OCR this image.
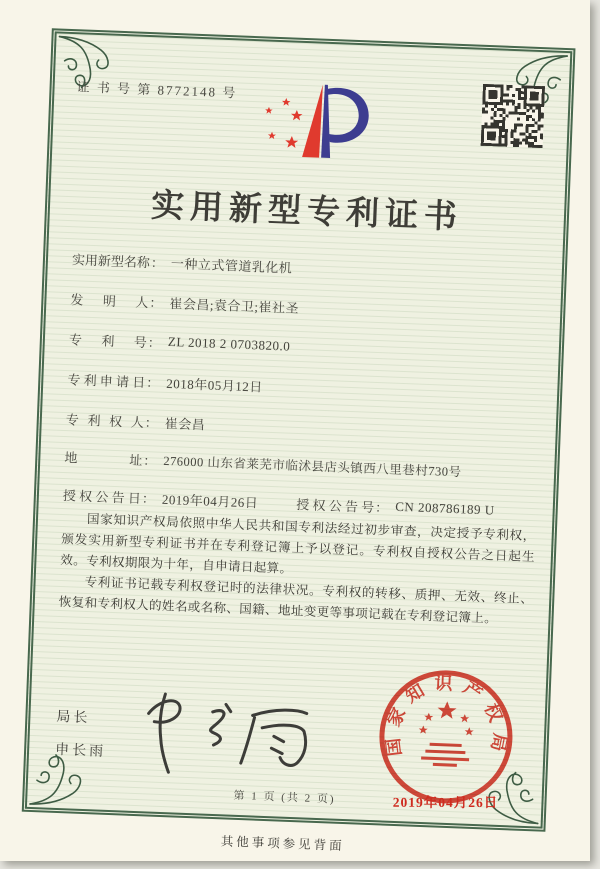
证 书 号 第 8772148 号
实用新型专利证书
实用新型名称 ： 一种立式管道乳化机
发明人 ： 崔会昌;袁合卫;崔社圣
专利号 ： ZL 2018 2 0703820.0
专利申请日 ： 2018年05月12日
专利权人 ： 崔会昌
地址 ： 276000 山东省莱芜市临沭县店头镇西八里巷村730号
授权公告日 ： 2019年04月26日	授权公告号 ： CN 208786189 U

国家知识产权局依照中华人民共和国专利法经过初步审查，决定授予专利权，颁发实用新型专利证书并在专利登记簿上予以登记。专利权自授权公告之日起生效。专利权期限为十年，自申请日起算。

专利证书记载专利权登记时的法律状况。专利权的转移、质押、无效、终止、恢复和专利权人的姓名或名称、国籍、地址变更等事项记载在专利登记簿上。

局长
申长雨	国家知识产权局
2019年04月26日
第 1 页 (共 2 页)
其他事项参见背面
